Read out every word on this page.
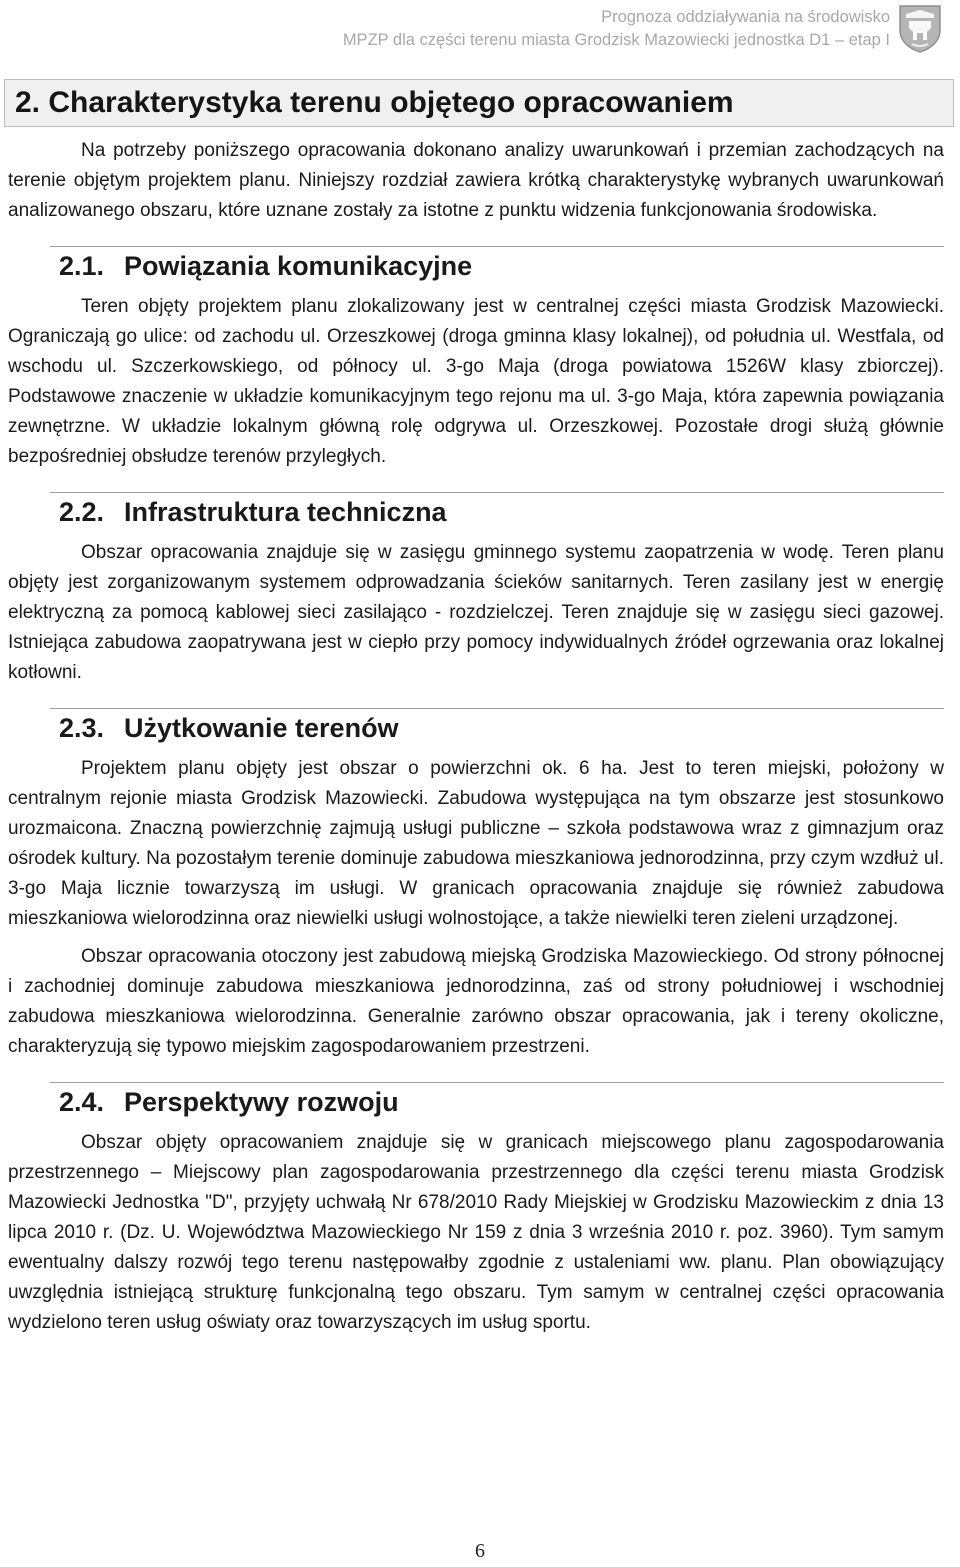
Prognoza oddziaływania na środowisko
MPZP dla części terenu miasta Grodzisk Mazowiecki jednostka D1 – etap I
2. Charakterystyka terenu objętego opracowaniem

Na potrzeby poniższego opracowania dokonano analizy uwarunkowań i przemian zachodzących na terenie objętym projektem planu. Niniejszy rozdział zawiera krótką charakterystykę wybranych uwarunkowań analizowanego obszaru, które uznane zostały za istotne z punktu widzenia funkcjonowania środowiska.

2.1. Powiązania komunikacyjne

Teren objęty projektem planu zlokalizowany jest w centralnej części miasta Grodzisk Mazowiecki. Ograniczają go ulice: od zachodu ul. Orzeszkowej (droga gminna klasy lokalnej), od południa ul. Westfala, od wschodu ul. Szczerkowskiego, od północy ul. 3-go Maja (droga powiatowa 1526W klasy zbiorczej). Podstawowe znaczenie w układzie komunikacyjnym tego rejonu ma ul. 3-go Maja, która zapewnia powiązania zewnętrzne. W układzie lokalnym główną rolę odgrywa ul. Orzeszkowej. Pozostałe drogi służą głównie bezpośredniej obsłudze terenów przyległych.

2.2. Infrastruktura techniczna

Obszar opracowania znajduje się w zasięgu gminnego systemu zaopatrzenia w wodę. Teren planu objęty jest zorganizowanym systemem odprowadzania ścieków sanitarnych. Teren zasilany jest w energię elektryczną za pomocą kablowej sieci zasilająco - rozdzielczej. Teren znajduje się w zasięgu sieci gazowej. Istniejąca zabudowa zaopatrywana jest w ciepło przy pomocy indywidualnych źródeł ogrzewania oraz lokalnej kotłowni.

2.3. Użytkowanie terenów

Projektem planu objęty jest obszar o powierzchni ok. 6 ha. Jest to teren miejski, położony w centralnym rejonie miasta Grodzisk Mazowiecki. Zabudowa występująca na tym obszarze jest stosunkowo urozmaicona. Znaczną powierzchnię zajmują usługi publiczne – szkoła podstawowa wraz z gimnazjum oraz ośrodek kultury. Na pozostałym terenie dominuje zabudowa mieszkaniowa jednorodzinna, przy czym wzdłuż ul. 3-go Maja licznie towarzyszą im usługi. W granicach opracowania znajduje się również zabudowa mieszkaniowa wielorodzinna oraz niewielki usługi wolnostojące, a także niewielki teren zieleni urządzonej.

Obszar opracowania otoczony jest zabudową miejską Grodziska Mazowieckiego. Od strony północnej i zachodniej dominuje zabudowa mieszkaniowa jednorodzinna, zaś od strony południowej i wschodniej zabudowa mieszkaniowa wielorodzinna. Generalnie zarówno obszar opracowania, jak i tereny okoliczne, charakteryzują się typowo miejskim zagospodarowaniem przestrzeni.

2.4. Perspektywy rozwoju

Obszar objęty opracowaniem znajduje się w granicach miejscowego planu zagospodarowania przestrzennego – Miejscowy plan zagospodarowania przestrzennego dla części terenu miasta Grodzisk Mazowiecki Jednostka "D", przyjęty uchwałą Nr 678/2010 Rady Miejskiej w Grodzisku Mazowieckim z dnia 13 lipca 2010 r. (Dz. U. Województwa Mazowieckiego Nr 159 z dnia 3 września 2010 r. poz. 3960). Tym samym ewentualny dalszy rozwój tego terenu następowałby zgodnie z ustaleniami ww. planu. Plan obowiązujący uwzględnia istniejącą strukturę funkcjonalną tego obszaru. Tym samym w centralnej części opracowania wydzielono teren usług oświaty oraz towarzyszących im usług sportu.

6
